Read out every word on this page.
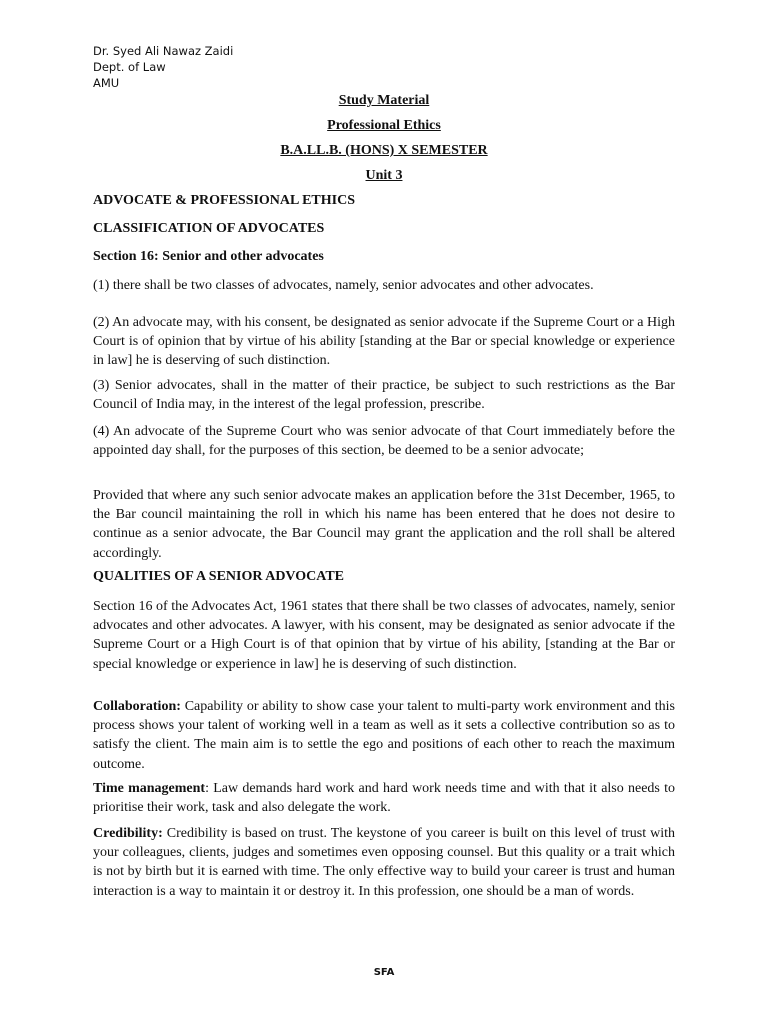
Dr. Syed Ali Nawaz Zaidi
Dept. of Law
AMU
Study Material
Professional Ethics
B.A.LL.B. (HONS) X SEMESTER
Unit 3
ADVOCATE & PROFESSIONAL ETHICS
CLASSIFICATION OF ADVOCATES
Section 16: Senior and other advocates
(1) there shall be two classes of advocates, namely, senior advocates and other advocates.
(2) An advocate may, with his consent, be designated as senior advocate if the Supreme Court or a High Court is of opinion that by virtue of his ability [standing at the Bar or special knowledge or experience in law] he is deserving of such distinction.
(3) Senior advocates, shall in the matter of their practice, be subject to such restrictions as the Bar Council of India may, in the interest of the legal profession, prescribe.
(4) An advocate of the Supreme Court who was senior advocate of that Court immediately before the appointed day shall, for the purposes of this section, be deemed to be a senior advocate;
Provided that where any such senior advocate makes an application before the 31st December, 1965, to the Bar council maintaining the roll in which his name has been entered that he does not desire to continue as a senior advocate, the Bar Council may grant the application and the roll shall be altered accordingly.
QUALITIES OF A SENIOR ADVOCATE
Section 16 of the Advocates Act, 1961 states that there shall be two classes of advocates, namely, senior advocates and other advocates. A lawyer, with his consent, may be designated as senior advocate if the Supreme Court or a High Court is of that opinion that by virtue of his ability, [standing at the Bar or special knowledge or experience in law] he is deserving of such distinction.
Collaboration: Capability or ability to show case your talent to multi-party work environment and this process shows your talent of working well in a team as well as it sets a collective contribution so as to satisfy the client. The main aim is to settle the ego and positions of each other to reach the maximum outcome.
Time management: Law demands hard work and hard work needs time and with that it also needs to prioritise their work, task and also delegate the work.
Credibility: Credibility is based on trust. The keystone of you career is built on this level of trust with your colleagues, clients, judges and sometimes even opposing counsel. But this quality or a trait which is not by birth but it is earned with time. The only effective way to build your career is trust and human interaction is a way to maintain it or destroy it. In this profession, one should be a man of words.
SFA
